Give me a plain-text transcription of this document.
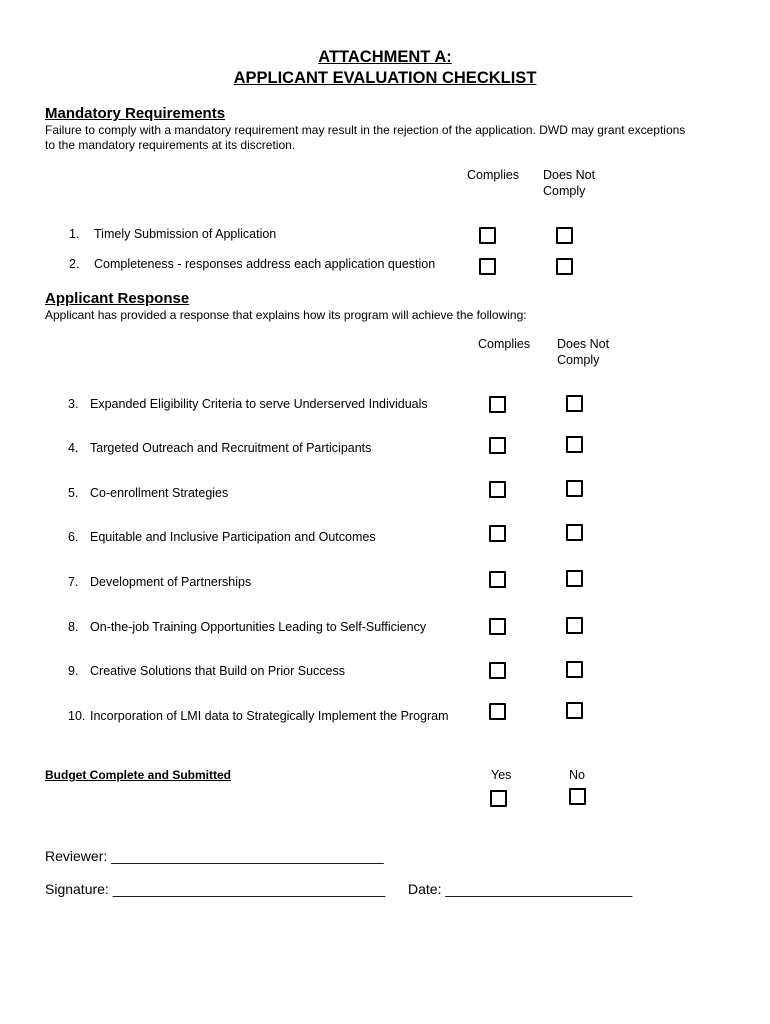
ATTACHMENT A:
APPLICANT EVALUATION CHECKLIST
Mandatory Requirements
Failure to comply with a mandatory requirement may result in the rejection of the application. DWD may grant exceptions
to the mandatory requirements at its discretion.
Complies Does Not
Comply
1. Timely Submission of Application
2. Completeness - responses address each application question
Applicant Response
Applicant has provided a response that explains how its program will achieve the following:
Complies Does Not
Comply
3. Expanded Eligibility Criteria to serve Underserved Individuals
4. Targeted Outreach and Recruitment of Participants
5. Co-enrollment Strategies
6. Equitable and Inclusive Participation and Outcomes
7. Development of Partnerships
8. On-the-job Training Opportunities Leading to Self-Sufficiency
9. Creative Solutions that Build on Prior Success
10. Incorporation of LMI data to Strategically Implement the Program
Budget Complete and Submitted	Yes	No
Reviewer: ___________________________________
Signature: ___________________________________ Date: ________________________
